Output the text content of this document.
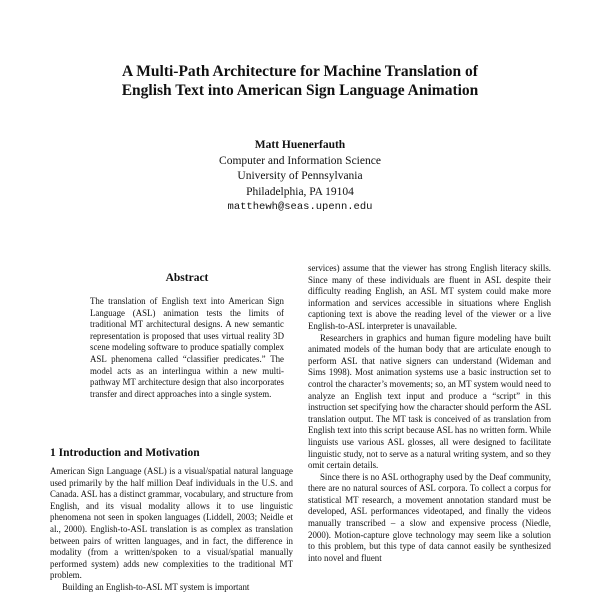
A Multi-Path Architecture for Machine Translation of
English Text into American Sign Language Animation
Matt Huenerfauth
Computer and Information Science
University of Pennsylvania
Philadelphia, PA 19104
matthewh@seas.upenn.edu
Abstract

The translation of English text into American Sign Language (ASL) animation tests the limits of traditional MT architectural designs. A new semantic representation is proposed that uses virtual reality 3D scene modeling software to produce spatially complex ASL phenomena called “classifier predicates.” The model acts as an interlingua within a new multi-pathway MT architecture design that also incorporates transfer and direct approaches into a single system.

1 Introduction and Motivation

American Sign Language (ASL) is a visual/spatial natural language used primarily by the half million Deaf individuals in the U.S. and Canada. ASL has a distinct grammar, vocabulary, and structure from English, and its visual modality allows it to use linguistic phenomena not seen in spoken languages (Liddell, 2003; Neidle et al., 2000). English-to-ASL translation is as complex as translation between pairs of written languages, and in fact, the difference in modality (from a written/spoken to a visual/spatial manually performed system) adds new complexities to the traditional MT problem.

Building an English-to-ASL MT system is important

services) assume that the viewer has strong English literacy skills. Since many of these individuals are fluent in ASL despite their difficulty reading English, an ASL MT system could make more information and services accessible in situations where English captioning text is above the reading level of the viewer or a live English-to-ASL interpreter is unavailable.

Researchers in graphics and human figure modeling have built animated models of the human body that are articulate enough to perform ASL that native signers can understand (Wideman and Sims 1998). Most animation systems use a basic instruction set to control the character’s movements; so, an MT system would need to analyze an English text input and produce a “script” in this instruction set specifying how the character should perform the ASL translation output. The MT task is conceived of as translation from English text into this script because ASL has no written form. While linguists use various ASL glosses, all were designed to facilitate linguistic study, not to serve as a natural writing system, and so they omit certain details.

Since there is no ASL orthography used by the Deaf community, there are no natural sources of ASL corpora. To collect a corpus for statistical MT research, a movement annotation standard must be developed, ASL performances videotaped, and finally the videos manually transcribed – a slow and expensive process (Niedle, 2000). Motion-capture glove technology may seem like a solution to this problem, but this type of data cannot easily be synthesized into novel and fluent
